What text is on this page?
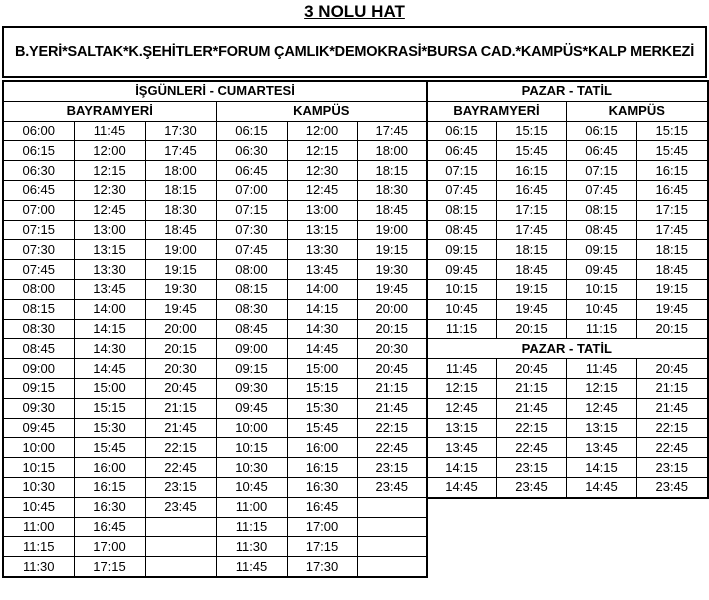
3 NOLU HAT
B.YERİ*SALTAK*K.ŞEHİTLER*FORUM ÇAMLIK*DEMOKRASİ*BURSA CAD.*KAMPÜS*KALP MERKEZİ
İŞGÜNLERİ - CUMARTESİ					
BAYRAMYERİ			KAMPÜS		
06:00	11:45	17:30	06:15	12:00	17:45
06:15	12:00	17:45	06:30	12:15	18:00
06:30	12:15	18:00	06:45	12:30	18:15
06:45	12:30	18:15	07:00	12:45	18:30
07:00	12:45	18:30	07:15	13:00	18:45
07:15	13:00	18:45	07:30	13:15	19:00
07:30	13:15	19:00	07:45	13:30	19:15
07:45	13:30	19:15	08:00	13:45	19:30
08:00	13:45	19:30	08:15	14:00	19:45
08:15	14:00	19:45	08:30	14:15	20:00
08:30	14:15	20:00	08:45	14:30	20:15
08:45	14:30	20:15	09:00	14:45	20:30
09:00	14:45	20:30	09:15	15:00	20:45
09:15	15:00	20:45	09:30	15:15	21:15
09:30	15:15	21:15	09:45	15:30	21:45
09:45	15:30	21:45	10:00	15:45	22:15
10:00	15:45	22:15	10:15	16:00	22:45
10:15	16:00	22:45	10:30	16:15	23:15
10:30	16:15	23:15	10:45	16:30	23:45
10:45	16:30	23:45	11:00	16:45	
11:00	16:45		11:15	17:00	
11:15	17:00		11:30	17:15	
11:30	17:15		11:45	17:30	
PAZAR - TATİL			
BAYRAMYERİ		KAMPÜS	
06:15	15:15	06:15	15:15
06:45	15:45	06:45	15:45
07:15	16:15	07:15	16:15
07:45	16:45	07:45	16:45
08:15	17:15	08:15	17:15
08:45	17:45	08:45	17:45
09:15	18:15	09:15	18:15
09:45	18:45	09:45	18:45
10:15	19:15	10:15	19:15
10:45	19:45	10:45	19:45
11:15	20:15	11:15	20:15
PAZAR - TATİL			
11:45	20:45	11:45	20:45
12:15	21:15	12:15	21:15
12:45	21:45	12:45	21:45
13:15	22:15	13:15	22:15
13:45	22:45	13:45	22:45
14:15	23:15	14:15	23:15
14:45	23:45	14:45	23:45
